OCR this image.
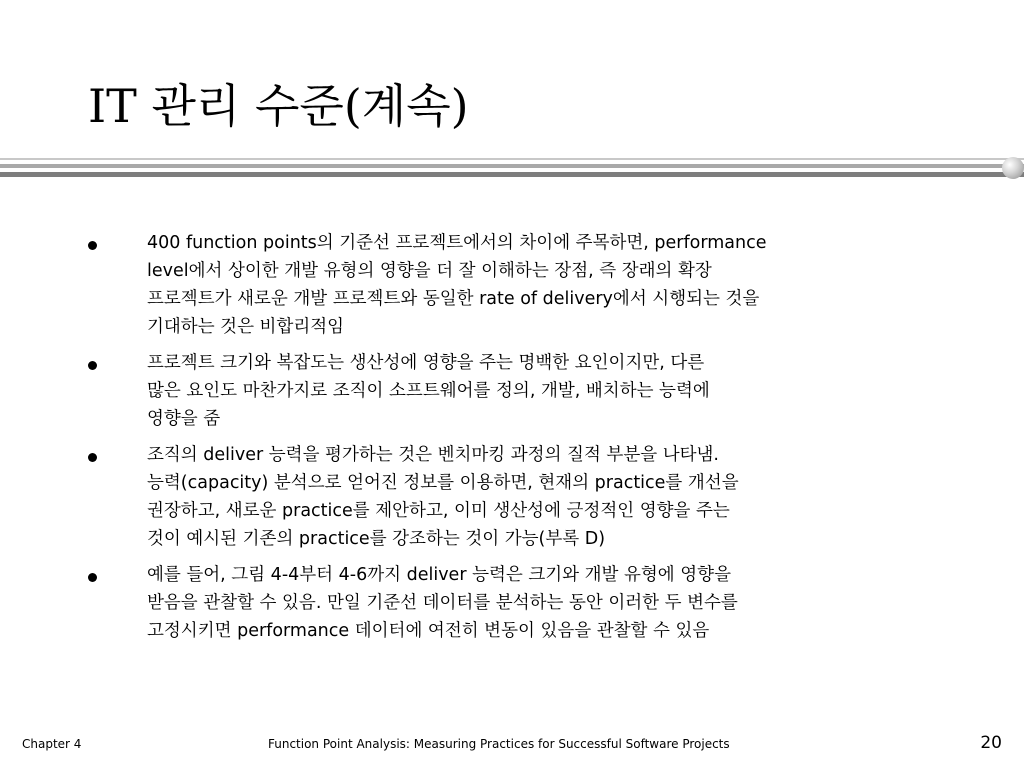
IT 관리 수준(계속)
400 function points의 기준선 프로젝트에서의 차이에 주목하면, performance
level에서 상이한 개발 유형의 영향을 더 잘 이해하는 장점, 즉 장래의 확장
프로젝트가 새로운 개발 프로젝트와 동일한 rate of delivery에서 시행되는 것을
기대하는 것은 비합리적임
프로젝트 크기와 복잡도는 생산성에 영향을 주는 명백한 요인이지만, 다른
많은 요인도 마찬가지로 조직이 소프트웨어를 정의, 개발, 배치하는 능력에
영향을 줌
조직의 deliver 능력을 평가하는 것은 벤치마킹 과정의 질적 부분을 나타냄.
능력(capacity) 분석으로 얻어진 정보를 이용하면, 현재의 practice를 개선을
권장하고, 새로운 practice를 제안하고, 이미 생산성에 긍정적인 영향을 주는
것이 예시된 기존의 practice를 강조하는 것이 가능(부록 D)
예를 들어, 그림 4-4부터 4-6까지 deliver 능력은 크기와 개발 유형에 영향을
받음을 관찰할 수 있음. 만일 기준선 데이터를 분석하는 동안 이러한 두 변수를
고정시키면 performance 데이터에 여전히 변동이 있음을 관찰할 수 있음
Chapter 4	Function Point Analysis: Measuring Practices for Successful Software Projects	20
